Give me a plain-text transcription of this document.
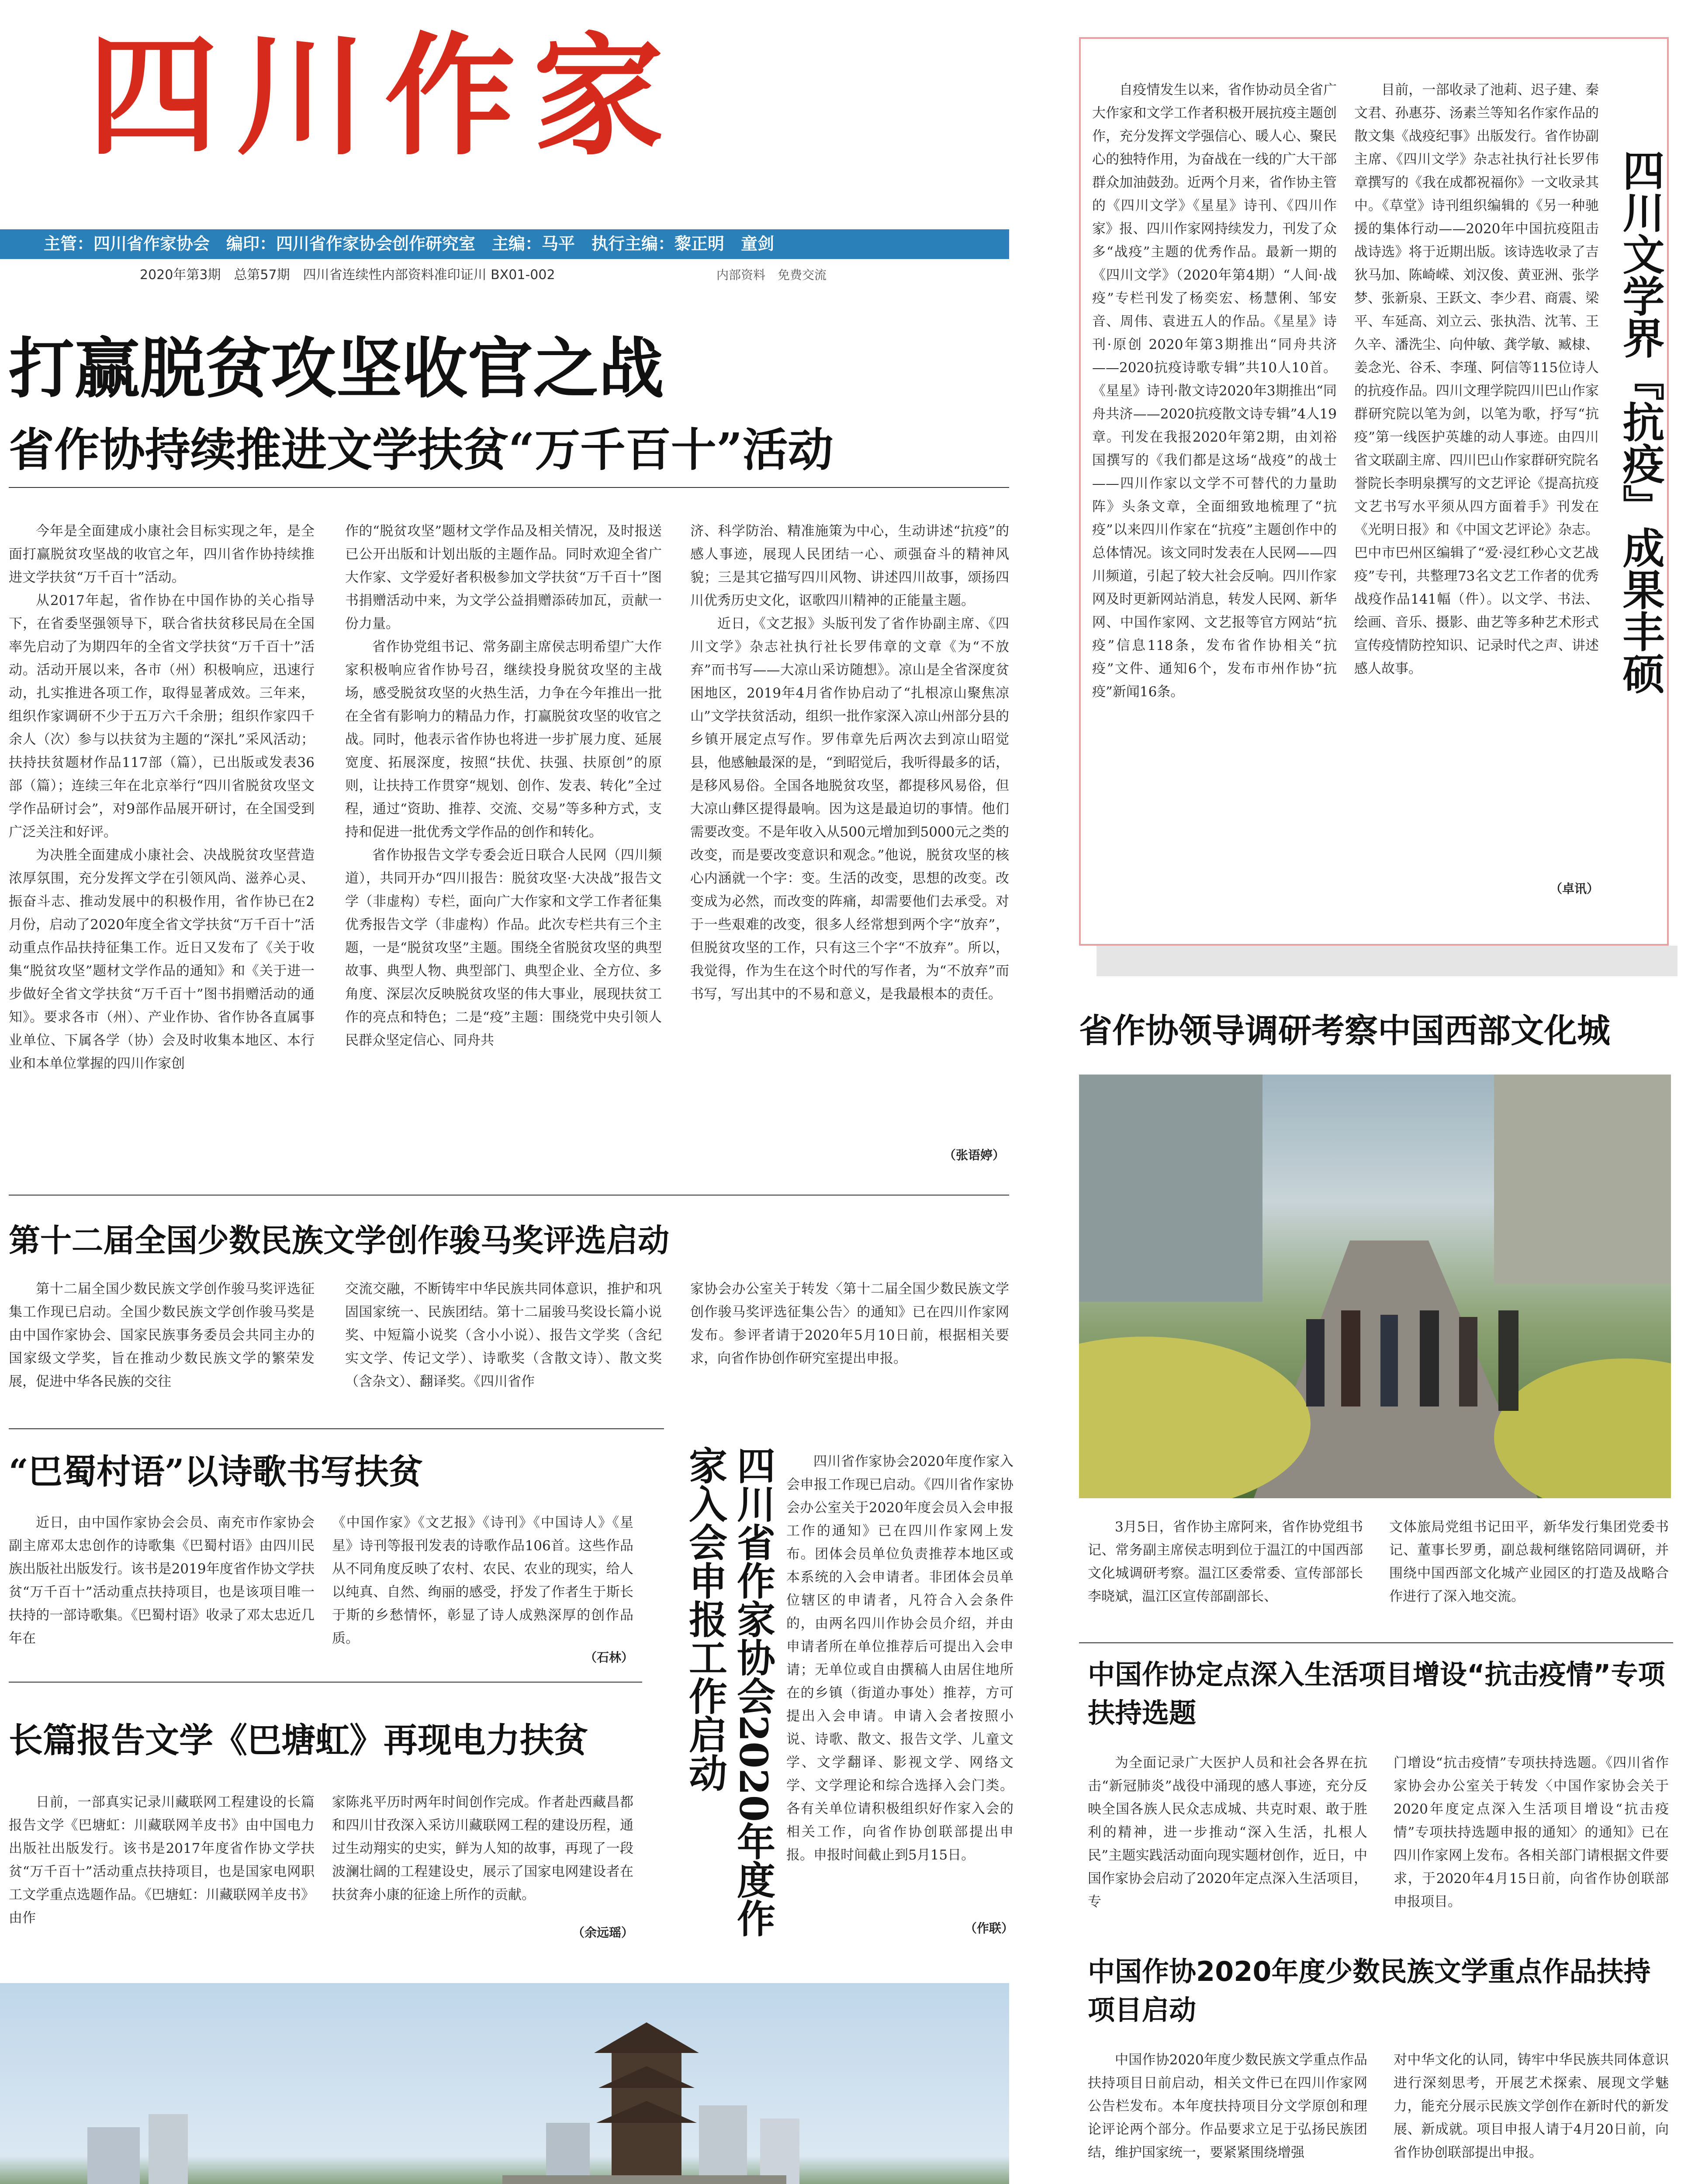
四川作家
主管：四川省作家协会　编印：四川省作家协会创作研究室　主编：马平　执行主编：黎正明　童剑
2020年第3期　总第57期　四川省连续性内部资料准印证川 BX01-002	内部资料　免费交流
打赢脱贫攻坚收官之战
省作协持续推进文学扶贫“万千百十”活动

今年是全面建成小康社会目标实现之年，是全面打赢脱贫攻坚战的收官之年，四川省作协持续推进文学扶贫“万千百十”活动。

从2017年起，省作协在中国作协的关心指导下，在省委坚强领导下，联合省扶贫移民局在全国率先启动了为期四年的全省文学扶贫“万千百十”活动。活动开展以来，各市（州）积极响应，迅速行动，扎实推进各项工作，取得显著成效。三年来，组织作家调研不少于五万六千余册；组织作家四千余人（次）参与以扶贫为主题的“深扎”采风活动；扶持扶贫题材作品117部（篇），已出版或发表36部（篇）；连续三年在北京举行“四川省脱贫攻坚文学作品研讨会”，对9部作品展开研讨，在全国受到广泛关注和好评。

为决胜全面建成小康社会、决战脱贫攻坚营造浓厚氛围，充分发挥文学在引领风尚、滋养心灵、振奋斗志、推动发展中的积极作用，省作协已在2月份，启动了2020年度全省文学扶贫“万千百十”活动重点作品扶持征集工作。近日又发布了《关于收集“脱贫攻坚”题材文学作品的通知》和《关于进一步做好全省文学扶贫“万千百十”图书捐赠活动的通知》。要求各市（州）、产业作协、省作协各直属事业单位、下属各学（协）会及时收集本地区、本行业和本单位掌握的四川作家创

作的“脱贫攻坚”题材文学作品及相关情况，及时报送已公开出版和计划出版的主题作品。同时欢迎全省广大作家、文学爱好者积极参加文学扶贫“万千百十”图书捐赠活动中来，为文学公益捐赠添砖加瓦，贡献一份力量。

省作协党组书记、常务副主席侯志明希望广大作家积极响应省作协号召，继续投身脱贫攻坚的主战场，感受脱贫攻坚的火热生活，力争在今年推出一批在全省有影响力的精品力作，打赢脱贫攻坚的收官之战。同时，他表示省作协也将进一步扩展力度、延展宽度、拓展深度，按照“扶优、扶强、扶原创”的原则，让扶持工作贯穿“规划、创作、发表、转化”全过程，通过“资助、推荐、交流、交易”等多种方式，支持和促进一批优秀文学作品的创作和转化。

省作协报告文学专委会近日联合人民网（四川频道），共同开办“四川报告：脱贫攻坚·大决战”报告文学（非虚构）专栏，面向广大作家和文学工作者征集优秀报告文学（非虚构）作品。此次专栏共有三个主题，一是“脱贫攻坚”主题。围绕全省脱贫攻坚的典型故事、典型人物、典型部门、典型企业、全方位、多角度、深层次反映脱贫攻坚的伟大事业，展现扶贫工作的亮点和特色；二是“疫”主题：围绕党中央引领人民群众坚定信心、同舟共

济、科学防治、精准施策为中心，生动讲述“抗疫”的感人事迹，展现人民团结一心、顽强奋斗的精神风貌；三是其它描写四川风物、讲述四川故事，颂扬四川优秀历史文化，讴歌四川精神的正能量主题。

近日，《文艺报》头版刊发了省作协副主席、《四川文学》杂志社执行社长罗伟章的文章《为“不放弃”而书写——大凉山采访随想》。凉山是全省深度贫困地区，2019年4月省作协启动了“扎根凉山聚焦凉山”文学扶贫活动，组织一批作家深入凉山州部分县的乡镇开展定点写作。罗伟章先后两次去到凉山昭觉县，他感触最深的是，“到昭觉后，我听得最多的话，是移风易俗。全国各地脱贫攻坚，都提移风易俗，但大凉山彝区提得最响。因为这是最迫切的事情。他们需要改变。不是年收入从500元增加到5000元之类的改变，而是要改变意识和观念。”他说，脱贫攻坚的核心内涵就一个字：变。生活的改变，思想的改变。改变成为必然，而改变的阵痛，却需要他们去承受。对于一些艰难的改变，很多人经常想到两个字“放弃”，但脱贫攻坚的工作，只有这三个字“不放弃”。所以，我觉得，作为生在这个时代的写作者，为“不放弃”而书写，写出其中的不易和意义，是我最根本的责任。

（张语婷）
第十二届全国少数民族文学创作骏马奖评选启动

第十二届全国少数民族文学创作骏马奖评选征集工作现已启动。全国少数民族文学创作骏马奖是由中国作家协会、国家民族事务委员会共同主办的国家级文学奖，旨在推动少数民族文学的繁荣发展，促进中华各民族的交往

交流交融，不断铸牢中华民族共同体意识，推护和巩固国家统一、民族团结。第十二届骏马奖设长篇小说奖、中短篇小说奖（含小小说）、报告文学奖（含纪实文学、传记文学）、诗歌奖（含散文诗）、散文奖（含杂文）、翻译奖。《四川省作

家协会办公室关于转发〈第十二届全国少数民族文学创作骏马奖评选征集公告〉的通知》已在四川作家网发布。参评者请于2020年5月10日前，根据相关要求，向省作协创作研究室提出申报。

“巴蜀村语”以诗歌书写扶贫

近日，由中国作家协会会员、南充市作家协会副主席邓太忠创作的诗歌集《巴蜀村语》由四川民族出版社出版发行。该书是2019年度省作协文学扶贫“万千百十”活动重点扶持项目，也是该项目唯一扶持的一部诗歌集。《巴蜀村语》收录了邓太忠近几年在

《中国作家》《文艺报》《诗刊》《中国诗人》《星星》诗刊等报刊发表的诗歌作品106首。这些作品从不同角度反映了农村、农民、农业的现实，给人以纯真、自然、绚丽的感受，抒发了作者生于斯长于斯的乡愁情怀，彰显了诗人成熟深厚的创作品质。

（石林）
长篇报告文学《巴塘虹》再现电力扶贫

日前，一部真实记录川藏联网工程建设的长篇报告文学《巴塘虹：川藏联网羊皮书》由中国电力出版社出版发行。该书是2017年度省作协文学扶贫“万千百十”活动重点扶持项目，也是国家电网职工文学重点选题作品。《巴塘虹：川藏联网羊皮书》由作

家陈兆平历时两年时间创作完成。作者赴西藏昌都和四川甘孜深入采访川藏联网工程的建设历程，通过生动翔实的史实，鲜为人知的故事，再现了一段波澜壮阔的工程建设史，展示了国家电网建设者在扶贫奔小康的征途上所作的贡献。

（余远瑶）	四川省作家协会2020年度作家入会申报工作启动	四川省作家协会2020年度作家入会申报工作现已启动。《四川省作家协会办公室关于2020年度会员入会申报工作的通知》已在四川作家网上发布。团体会员单位负责推荐本地区或本系统的入会申请者。非团体会员单位辖区的申请者，凡符合入会条件的，由两名四川作协会员介绍，并由申请者所在单位推荐后可提出入会申请；无单位或自由撰稿人由居住地所在的乡镇（街道办事处）推荐，方可提出入会申请。申请入会者按照小说、诗歌、散文、报告文学、儿童文学、文学翻译、影视文学、网络文学、文学理论和综合选择入会门类。各有关单位请积极组织好作家入会的相关工作，向省作协创联部提出申报。申报时间截止到5月15日。

（作联）

自疫情发生以来，省作协动员全省广大作家和文学工作者积极开展抗疫主题创作，充分发挥文学强信心、暖人心、聚民心的独特作用，为奋战在一线的广大干部群众加油鼓劲。近两个月来，省作协主管的《四川文学》《星星》诗刊、《四川作家》报、四川作家网持续发力，刊发了众多“战疫”主题的优秀作品。最新一期的《四川文学》（2020年第4期）“人间·战疫”专栏刊发了杨奕宏、杨慧俐、邹安音、周伟、袁进五人的作品。《星星》诗刊·原创 2020年第3期推出“同舟共济——2020抗疫诗歌专辑”共10人10首。《星星》诗刊·散文诗2020年3期推出“同舟共济——2020抗疫散文诗专辑”4人19章。刊发在我报2020年第2期，由刘裕国撰写的《我们都是这场“战疫”的战士——四川作家以文学不可替代的力量助阵》头条文章，全面细致地梳理了“抗疫”以来四川作家在“抗疫”主题创作中的总体情况。该文同时发表在人民网——四川频道，引起了较大社会反响。四川作家网及时更新网站消息，转发人民网、新华网、中国作家网、文艺报等官方网站“抗疫”信息118条，发布省作协相关“抗疫”文件、通知6个，发布市州作协“抗疫”新闻16条。

目前，一部收录了池莉、迟子建、秦文君、孙惠芬、汤素兰等知名作家作品的散文集《战疫纪事》出版发行。省作协副主席、《四川文学》杂志社执行社长罗伟章撰写的《我在成都祝福你》一文收录其中。《草堂》诗刊组织编辑的《另一种驰援的集体行动——2020年中国抗疫阻击战诗选》将于近期出版。该诗选收录了吉狄马加、陈崎嵘、刘汉俊、黄亚洲、张学梦、张新泉、王跃文、李少君、商震、梁平、车延高、刘立云、张执浩、沈苇、王久辛、潘洗尘、向仲敏、龚学敏、臧棣、姜念光、谷禾、李瑾、阿信等115位诗人的抗疫作品。四川文理学院四川巴山作家群研究院以笔为剑，以笔为歌，抒写“抗疫”第一线医护英雄的动人事迹。由四川省文联副主席、四川巴山作家群研究院名誉院长李明泉撰写的文艺评论《提高抗疫文艺书写水平须从四方面着手》刊发在《光明日报》和《中国文艺评论》杂志。巴中市巴州区编辑了“爱·浸红秒心文艺战疫”专刊，共整理73名文艺工作者的优秀战疫作品141幅（件）。以文学、书法、绘画、音乐、摄影、曲艺等多种艺术形式宣传疫情防控知识、记录时代之声、讲述感人故事。

（卓讯）
四川文学界『抗疫』成果丰硕
省作协领导调研考察中国西部文化城

3月5日，省作协主席阿来，省作协党组书记、常务副主席侯志明到位于温江的中国西部文化城调研考察。温江区委常委、宣传部部长李晓斌，温江区宣传部副部长、

文体旅局党组书记田平，新华发行集团党委书记、董事长罗勇，副总裁柯继铭陪同调研，并围绕中国西部文化城产业园区的打造及战略合作进行了深入地交流。

中国作协定点深入生活项目增设“抗击疫情”专项扶持选题

为全面记录广大医护人员和社会各界在抗击“新冠肺炎”战役中涌现的感人事迹，充分反映全国各族人民众志成城、共克时艰、敢于胜利的精神，进一步推动“深入生活，扎根人民”主题实践活动面向现实题材创作，近日，中国作家协会启动了2020年定点深入生活项目，专

门增设“抗击疫情”专项扶持选题。《四川省作家协会办公室关于转发〈中国作家协会关于2020年度定点深入生活项目增设“抗击疫情”专项扶持选题申报的通知〉的通知》已在四川作家网上发布。各相关部门请根据文件要求，于2020年4月15日前，向省作协创联部申报项目。

中国作协2020年度少数民族文学重点作品扶持项目启动

中国作协2020年度少数民族文学重点作品扶持项目日前启动，相关文件已在四川作家网公告栏发布。本年度扶持项目分文学原创和理论评论两个部分。作品要求立足于弘扬民族团结，维护国家统一，要紧紧围绕增强

对中华文化的认同，铸牢中华民族共同体意识进行深刻思考，开展艺术探索、展现文学魅力，能充分展示民族文学创作在新时代的新发展、新成就。项目申报人请于4月20日前，向省作协创联部提出申报。
